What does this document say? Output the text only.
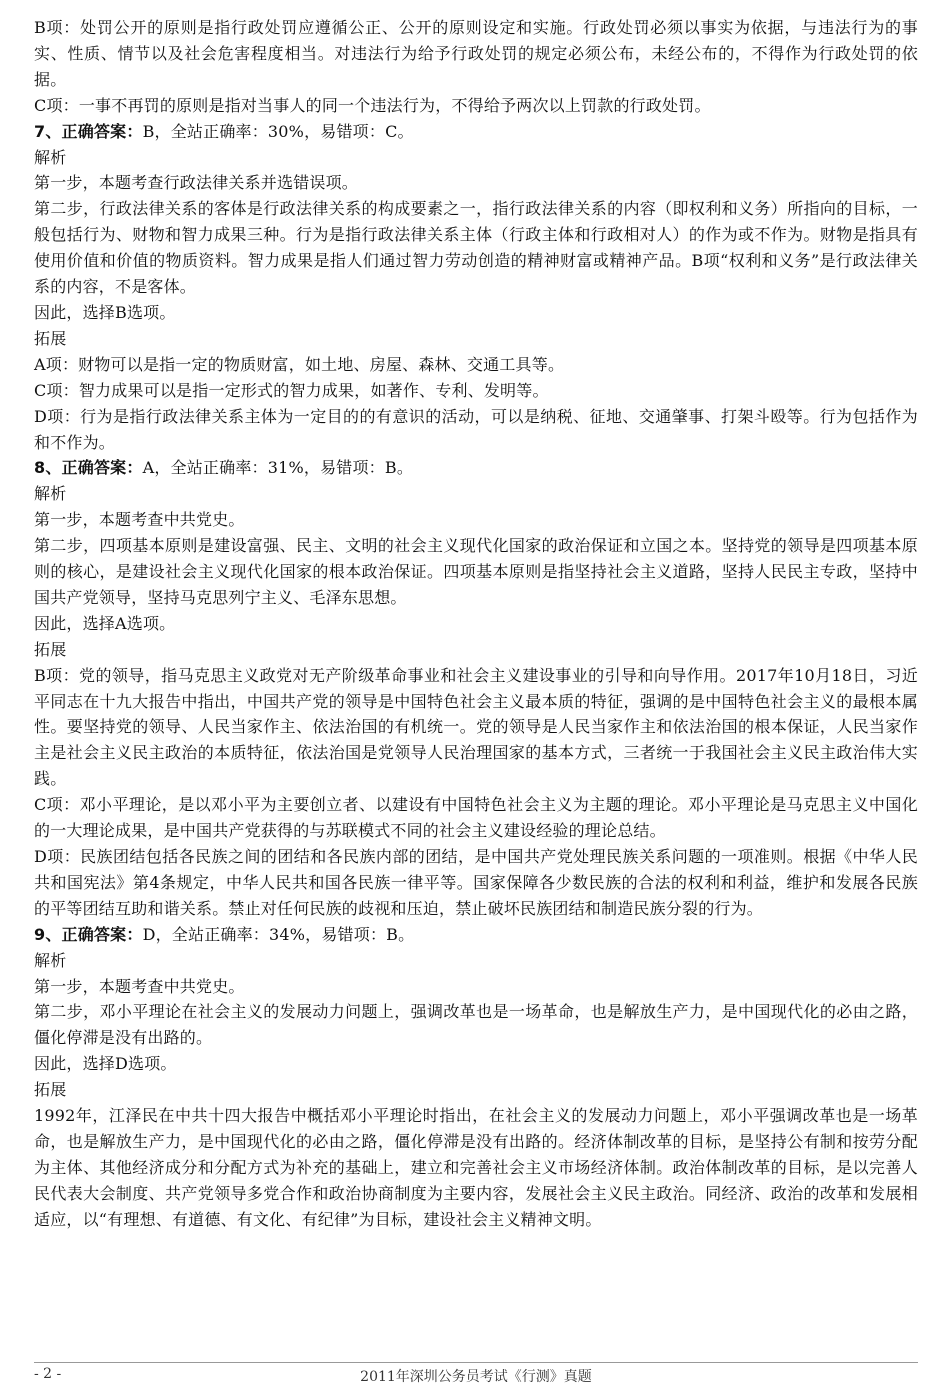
B项：处罚公开的原则是指行政处罚应遵循公正、公开的原则设定和实施。行政处罚必须以事实为依据，与违法行为的事实、性质、情节以及社会危害程度相当。对违法行为给予行政处罚的规定必须公布，未经公布的，不得作为行政处罚的依据。

C项：一事不再罚的原则是指对当事人的同一个违法行为，不得给予两次以上罚款的行政处罚。

7、正确答案：B，全站正确率：30%，易错项：C。

解析

第一步，本题考查行政法律关系并选错误项。

第二步，行政法律关系的客体是行政法律关系的构成要素之一，指行政法律关系的内容（即权利和义务）所指向的目标，一般包括行为、财物和智力成果三种。行为是指行政法律关系主体（行政主体和行政相对人）的作为或不作为。财物是指具有使用价值和价值的物质资料。智力成果是指人们通过智力劳动创造的精神财富或精神产品。B项“权利和义务”是行政法律关系的内容，不是客体。

因此，选择B选项。

拓展

A项：财物可以是指一定的物质财富，如土地、房屋、森林、交通工具等。

C项：智力成果可以是指一定形式的智力成果，如著作、专利、发明等。

D项：行为是指行政法律关系主体为一定目的的有意识的活动，可以是纳税、征地、交通肇事、打架斗殴等。行为包括作为和不作为。

8、正确答案：A，全站正确率：31%，易错项：B。

解析

第一步，本题考查中共党史。

第二步，四项基本原则是建设富强、民主、文明的社会主义现代化国家的政治保证和立国之本。坚持党的领导是四项基本原则的核心，是建设社会主义现代化国家的根本政治保证。四项基本原则是指坚持社会主义道路，坚持人民民主专政，坚持中国共产党领导，坚持马克思列宁主义、毛泽东思想。

因此，选择A选项。

拓展

B项：党的领导，指马克思主义政党对无产阶级革命事业和社会主义建设事业的引导和向导作用。2017年10月18日，习近平同志在十九大报告中指出，中国共产党的领导是中国特色社会主义最本质的特征，强调的是中国特色社会主义的最根本属性。要坚持党的领导、人民当家作主、依法治国的有机统一。党的领导是人民当家作主和依法治国的根本保证，人民当家作主是社会主义民主政治的本质特征，依法治国是党领导人民治理国家的基本方式，三者统一于我国社会主义民主政治伟大实践。

C项：邓小平理论，是以邓小平为主要创立者、以建设有中国特色社会主义为主题的理论。邓小平理论是马克思主义中国化的一大理论成果，是中国共产党获得的与苏联模式不同的社会主义建设经验的理论总结。

D项：民族团结包括各民族之间的团结和各民族内部的团结，是中国共产党处理民族关系问题的一项准则。根据《中华人民共和国宪法》第4条规定，中华人民共和国各民族一律平等。国家保障各少数民族的合法的权利和利益，维护和发展各民族的平等团结互助和谐关系。禁止对任何民族的歧视和压迫，禁止破坏民族团结和制造民族分裂的行为。

9、正确答案：D，全站正确率：34%，易错项：B。

解析

第一步，本题考查中共党史。

第二步，邓小平理论在社会主义的发展动力问题上，强调改革也是一场革命，也是解放生产力，是中国现代化的必由之路，僵化停滞是没有出路的。

因此，选择D选项。

拓展

1992年，江泽民在中共十四大报告中概括邓小平理论时指出，在社会主义的发展动力问题上，邓小平强调改革也是一场革命，也是解放生产力，是中国现代化的必由之路，僵化停滞是没有出路的。经济体制改革的目标，是坚持公有制和按劳分配为主体、其他经济成分和分配方式为补充的基础上，建立和完善社会主义市场经济体制。政治体制改革的目标，是以完善人民代表大会制度、共产党领导多党合作和政治协商制度为主要内容，发展社会主义民主政治。同经济、政治的改革和发展相适应，以“有理想、有道德、有文化、有纪律”为目标，建设社会主义精神文明。

- 2 -	2011年深圳公务员考试《行测》真题
